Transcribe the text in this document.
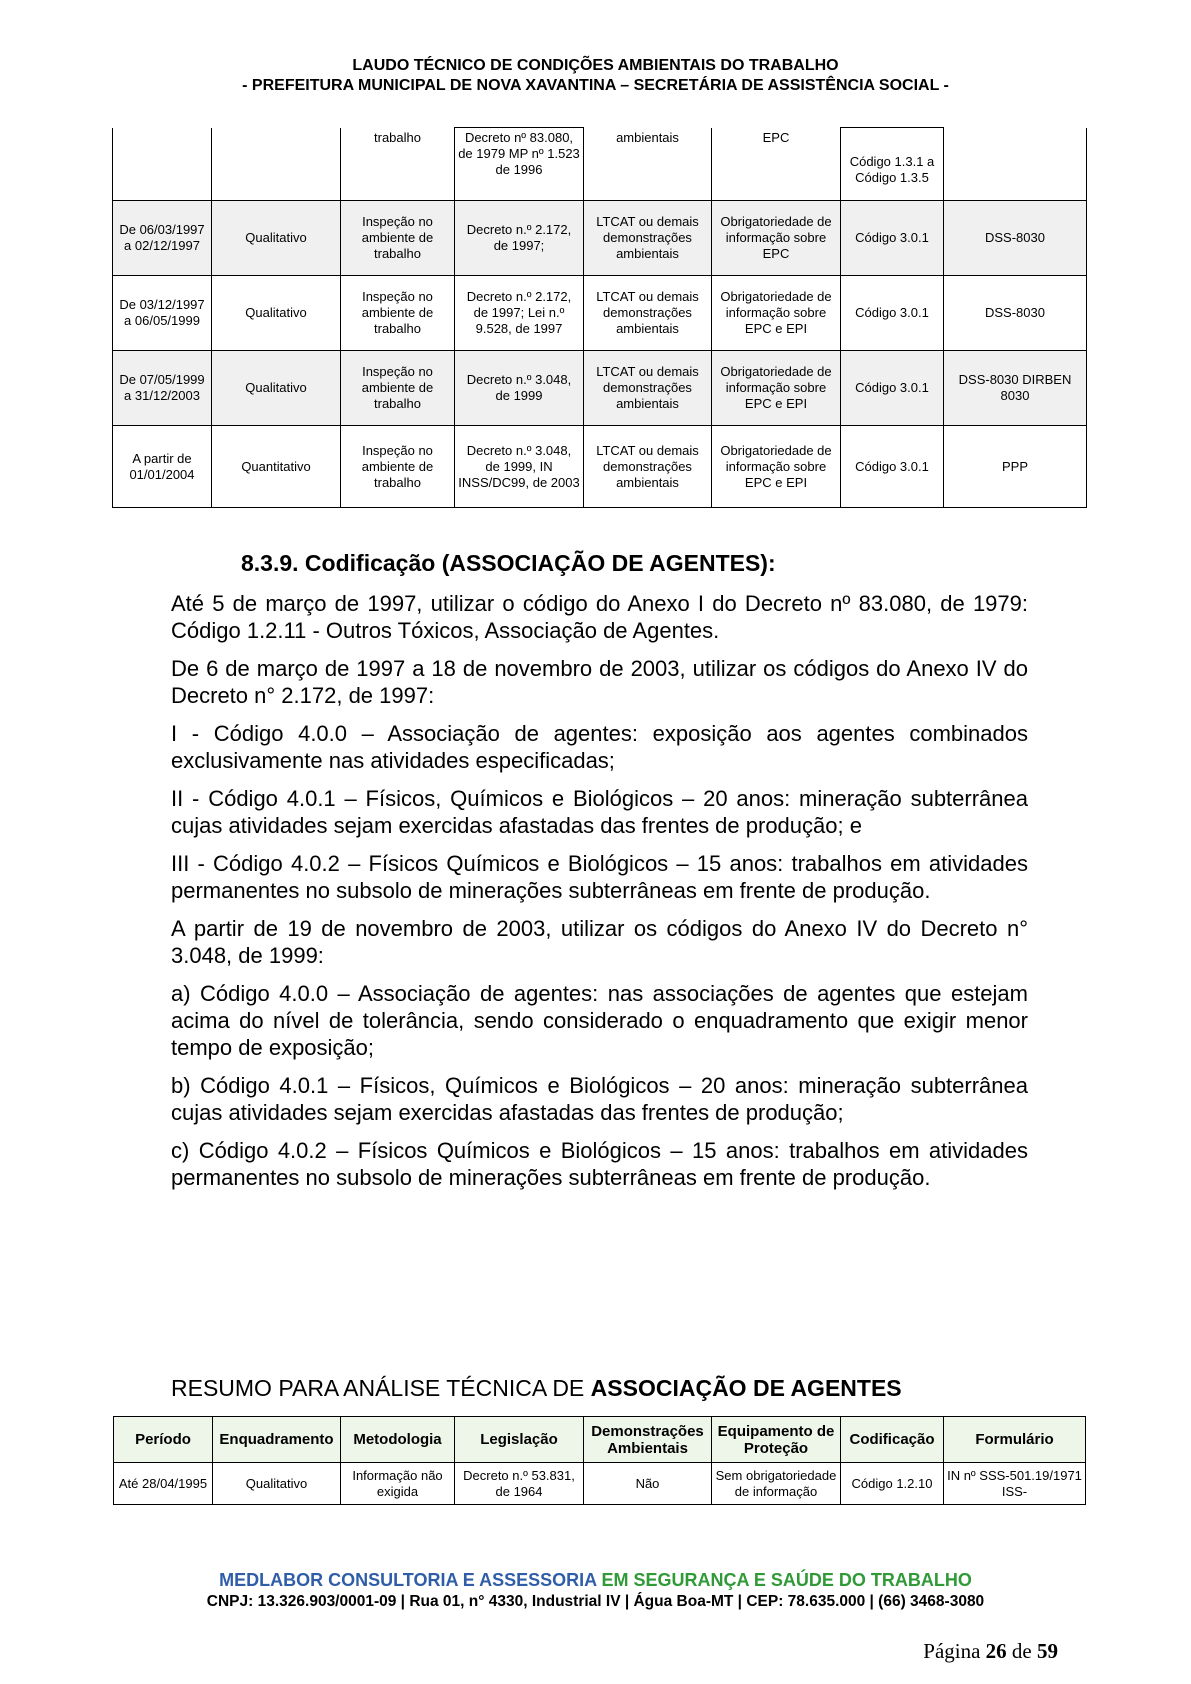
LAUDO TÉCNICO DE CONDIÇÕES AMBIENTAIS DO TRABALHO
- PREFEITURA MUNICIPAL DE NOVA XAVANTINA – SECRETÁRIA DE ASSISTÊNCIA SOCIAL -
		trabalho	Decreto nº 83.080, de 1979 MP nº 1.523 de 1996	ambientais	EPC	Código 1.3.1 a Código 1.3.5	
De 06/03/1997 a 02/12/1997	Qualitativo	Inspeção no ambiente de trabalho	Decreto n.º 2.172, de 1997;	LTCAT ou demais demonstrações ambientais	Obrigatoriedade de informação sobre EPC	Código 3.0.1	DSS-8030
De 03/12/1997 a 06/05/1999	Qualitativo	Inspeção no ambiente de trabalho	Decreto n.º 2.172, de 1997; Lei n.º 9.528, de 1997	LTCAT ou demais demonstrações ambientais	Obrigatoriedade de informação sobre EPC e EPI	Código 3.0.1	DSS-8030
De 07/05/1999 a 31/12/2003	Qualitativo	Inspeção no ambiente de trabalho	Decreto n.º 3.048, de 1999	LTCAT ou demais demonstrações ambientais	Obrigatoriedade de informação sobre EPC e EPI	Código 3.0.1	DSS-8030 DIRBEN 8030
A partir de 01/01/2004	Quantitativo	Inspeção no ambiente de trabalho	Decreto n.º 3.048, de 1999, IN INSS/DC99, de 2003	LTCAT ou demais demonstrações ambientais	Obrigatoriedade de informação sobre EPC e EPI	Código 3.0.1	PPP
8.3.9. Codificação (ASSOCIAÇÃO DE AGENTES):

Até 5 de março de 1997, utilizar o código do Anexo I do Decreto nº 83.080, de 1979: Código 1.2.11 - Outros Tóxicos, Associação de Agentes.

De 6 de março de 1997 a 18 de novembro de 2003, utilizar os códigos do Anexo IV do Decreto n° 2.172, de 1997:

I - Código 4.0.0 – Associação de agentes: exposição aos agentes combinados exclusivamente nas atividades especificadas;

II - Código 4.0.1 – Físicos, Químicos e Biológicos – 20 anos: mineração subterrânea cujas atividades sejam exercidas afastadas das frentes de produção; e

III - Código 4.0.2 – Físicos Químicos e Biológicos – 15 anos: trabalhos em atividades permanentes no subsolo de minerações subterrâneas em frente de produção.

A partir de 19 de novembro de 2003, utilizar os códigos do Anexo IV do Decreto n° 3.048, de 1999:

a) Código 4.0.0 – Associação de agentes: nas associações de agentes que estejam acima do nível de tolerância, sendo considerado o enquadramento que exigir menor tempo de exposição;

b) Código 4.0.1 – Físicos, Químicos e Biológicos – 20 anos: mineração subterrânea cujas atividades sejam exercidas afastadas das frentes de produção;

c) Código 4.0.2 – Físicos Químicos e Biológicos – 15 anos: trabalhos em atividades permanentes no subsolo de minerações subterrâneas em frente de produção.

RESUMO PARA ANÁLISE TÉCNICA DE ASSOCIAÇÃO DE AGENTES
Período	Enquadramento	Metodologia	Legislação	Demonstrações Ambientais	Equipamento de Proteção	Codificação	Formulário
Até 28/04/1995	Qualitativo	Informação não exigida	Decreto n.º 53.831, de 1964	Não	Sem obrigatoriedade de informação	Código 1.2.10	IN nº SSS-501.19/1971 ISS-
MEDLABOR CONSULTORIA E ASSESSORIA EM SEGURANÇA E SAÚDE DO TRABALHO
CNPJ: 13.326.903/0001-09 | Rua 01, n° 4330, Industrial IV | Água Boa-MT | CEP: 78.635.000 | (66) 3468-3080
Página 26 de 59
